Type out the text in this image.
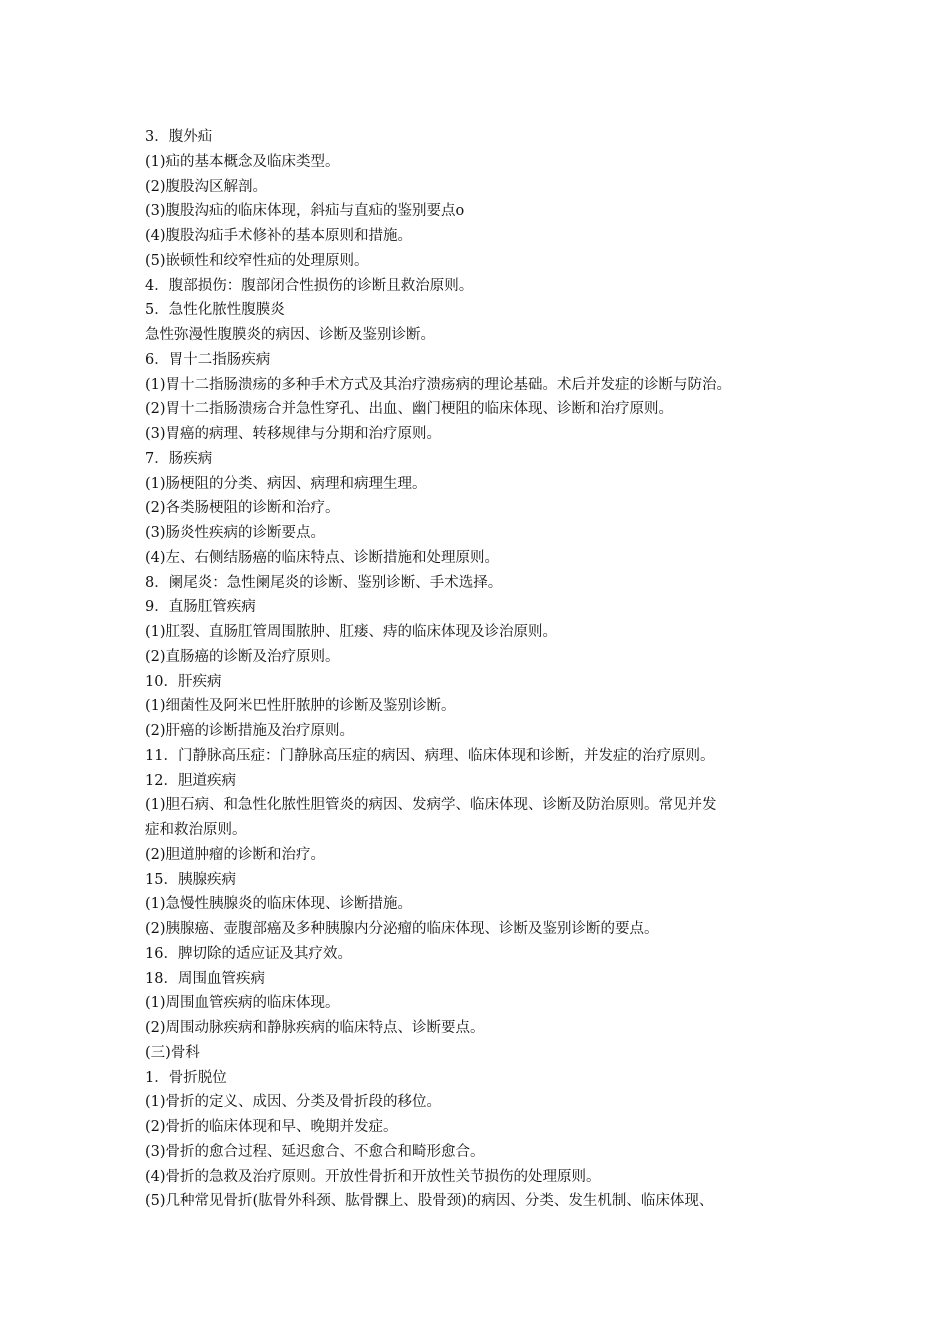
3．腹外疝

(1)疝的基本概念及临床类型。

(2)腹股沟区解剖。

(3)腹股沟疝的临床体现，斜疝与直疝的鉴别要点o

(4)腹股沟疝手术修补的基本原则和措施。

(5)嵌顿性和绞窄性疝的处理原则。

4．腹部损伤：腹部闭合性损伤的诊断且救治原则。

5．急性化脓性腹膜炎

急性弥漫性腹膜炎的病因、诊断及鉴别诊断。

6．胃十二指肠疾病

(1)胃十二指肠溃疡的多种手术方式及其治疗溃疡病的理论基础。术后并发症的诊断与防治。

(2)胃十二指肠溃疡合并急性穿孔、出血、幽门梗阻的临床体现、诊断和治疗原则。

(3)胃癌的病理、转移规律与分期和治疗原则。

7．肠疾病

(1)肠梗阻的分类、病因、病理和病理生理。

(2)各类肠梗阻的诊断和治疗。

(3)肠炎性疾病的诊断要点。

(4)左、右侧结肠癌的临床特点、诊断措施和处理原则。

8．阑尾炎：急性阑尾炎的诊断、鉴别诊断、手术选择。

9．直肠肛管疾病

(1)肛裂、直肠肛管周围脓肿、肛瘘、痔的临床体现及诊治原则。

(2)直肠癌的诊断及治疗原则。

10．肝疾病

(1)细菌性及阿米巴性肝脓肿的诊断及鉴别诊断。

(2)肝癌的诊断措施及治疗原则。

11．门静脉高压症：门静脉高压症的病因、病理、临床体现和诊断，并发症的治疗原则。

12．胆道疾病

(1)胆石病、和急性化脓性胆管炎的病因、发病学、临床体现、诊断及防治原则。常见并发

症和救治原则。

(2)胆道肿瘤的诊断和治疗。

15．胰腺疾病

(1)急慢性胰腺炎的临床体现、诊断措施。

(2)胰腺癌、壶腹部癌及多种胰腺内分泌瘤的临床体现、诊断及鉴别诊断的要点。

16．脾切除的适应证及其疗效。

18．周围血管疾病

(1)周围血管疾病的临床体现。

(2)周围动脉疾病和静脉疾病的临床特点、诊断要点。

(三)骨科

1．骨折脱位

(1)骨折的定义、成因、分类及骨折段的移位。

(2)骨折的临床体现和早、晚期并发症。

(3)骨折的愈合过程、延迟愈合、不愈合和畸形愈合。

(4)骨折的急救及治疗原则。开放性骨折和开放性关节损伤的处理原则。

(5)几种常见骨折(肱骨外科颈、肱骨髁上、股骨颈)的病因、分类、发生机制、临床体现、
